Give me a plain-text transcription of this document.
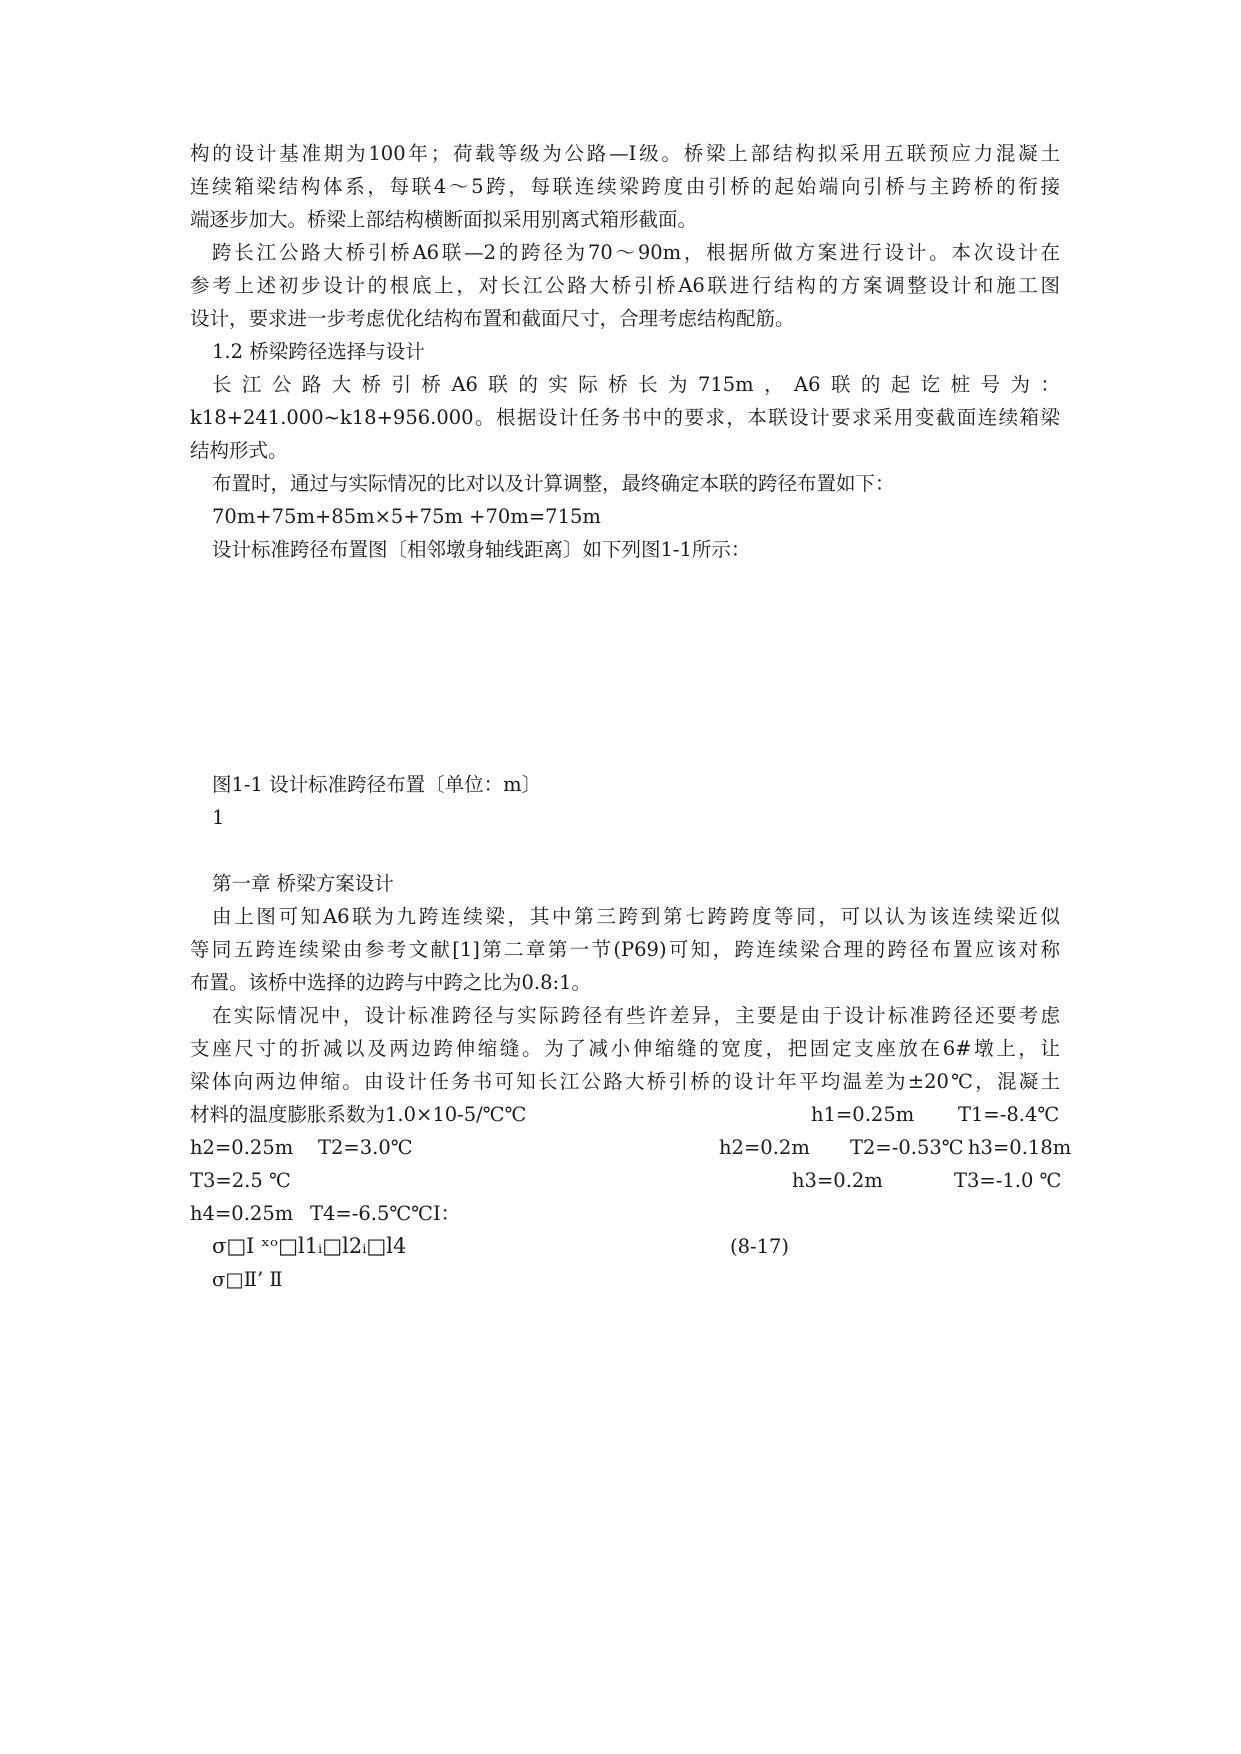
构的设计基准期为100年；荷载等级为公路—I级。桥梁上部结构拟采用五联预应力混凝土
连续箱梁结构体系，每联4～5跨，每联连续梁跨度由引桥的起始端向引桥与主跨桥的衔接
端逐步加大。桥梁上部结构横断面拟采用别离式箱形截面。
跨长江公路大桥引桥A6联—2的跨径为70～90m，根据所做方案进行设计。本次设计在
参考上述初步设计的根底上，对长江公路大桥引桥A6联进行结构的方案调整设计和施工图
设计，要求进一步考虑优化结构布置和截面尺寸，合理考虑结构配筋。
1.2 桥梁跨径选择与设计
长江公路大桥引桥A6联的实际桥长为715m，A6联的起讫桩号为：
k18+241.000~k18+956.000。根据设计任务书中的要求，本联设计要求采用变截面连续箱梁
结构形式。
布置时，通过与实际情况的比对以及计算调整，最终确定本联的跨径布置如下：
70m+75m+85m×5+75m +70m=715m
设计标准跨径布置图〔相邻墩身轴线距离〕如下列图1-1所示：
图1-1 设计标准跨径布置〔单位：m〕
1
第一章 桥梁方案设计
由上图可知A6联为九跨连续梁，其中第三跨到第七跨跨度等同，可以认为该连续梁近似
等同五跨连续梁由参考文献[1]第二章第一节(P69)可知，跨连续梁合理的跨径布置应该对称
布置。该桥中选择的边跨与中跨之比为0.8:1。
在实际情况中，设计标准跨径与实际跨径有些许差异，主要是由于设计标准跨径还要考虑
支座尺寸的折减以及两边跨伸缩缝。为了减小伸缩缝的宽度，把固定支座放在6#墩上，让
梁体向两边伸缩。由设计任务书可知长江公路大桥引桥的设计年平均温差为±20℃，混凝土
材料的温度膨胀系数为1.0×10-5/℃℃	h1=0.25m T1=-8.4℃
h2=0.25m T2=3.0℃	h2=0.2m T2=-0.53℃ h3=0.18m
T3=2.5 ℃	h3=0.2m	T3=-1.0 ℃
h4=0.25m T4=-6.5℃℃Ⅰ：
σ□Ⅰ ˣᵒ□l1ᵢ□l2ᵢ□l4	(8-17)
σ□Ⅱ’ Ⅱ
